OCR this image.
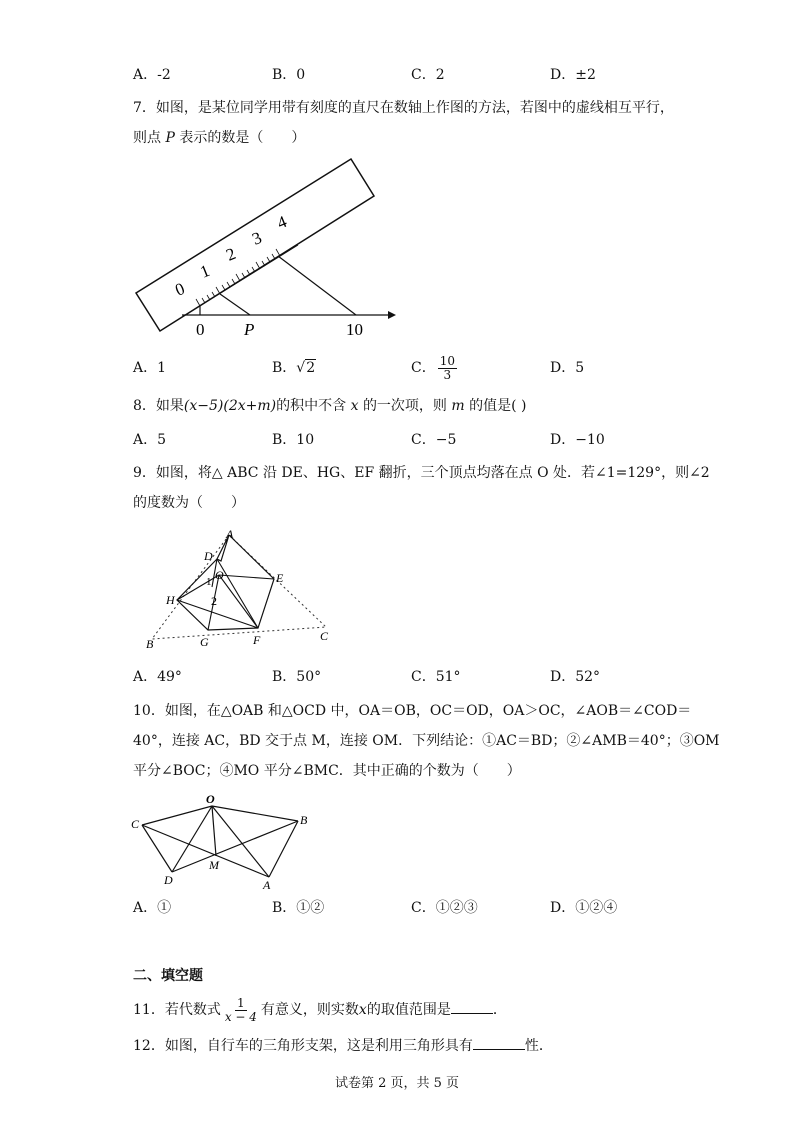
A．-2	B．0	C．2	D．±2
7．如图，是某位同学用带有刻度的直尺在数轴上作图的方法，若图中的虚线相互平行，
则点 P 表示的数是（　　）
0
1
2
3
4
0 P	10
A．1	B．√2	C． $\frac{10}{3}$	D．5
8．如果(x−5)(2x+m)的积中不含 x 的一次项，则 m 的值是( )
A．5	B．10	C．−5	D．−10
9．如图，将△ ABC 沿 DE、HG、EF 翻折，三个顶点均落在点 O 处．若∠1=129°，则∠2
的度数为（　　）
A
D
O	E
H
1
2
B	G	F	C
A．49°	B．50°	C．51°	D．52°
10．如图，在△OAB 和△OCD 中，OA＝OB，OC＝OD，OA＞OC，∠AOB＝∠COD＝
40°，连接 AC，BD 交于点 M，连接 OM．下列结论：①AC＝BD；②∠AMB＝40°；③OM
平分∠BOC；④MO 平分∠BMC．其中正确的个数为（　　）
O
C	B
M
D	A
A．①	B．①②	C．①②③	D．①②④
二、填空题
11．若代数式 $\frac{1}{x - 4}$ 有意义，则实数x的取值范围是	．
12．如图，自行车的三角形支架，这是利用三角形具有	性．
试卷第 2 页，共 5 页
